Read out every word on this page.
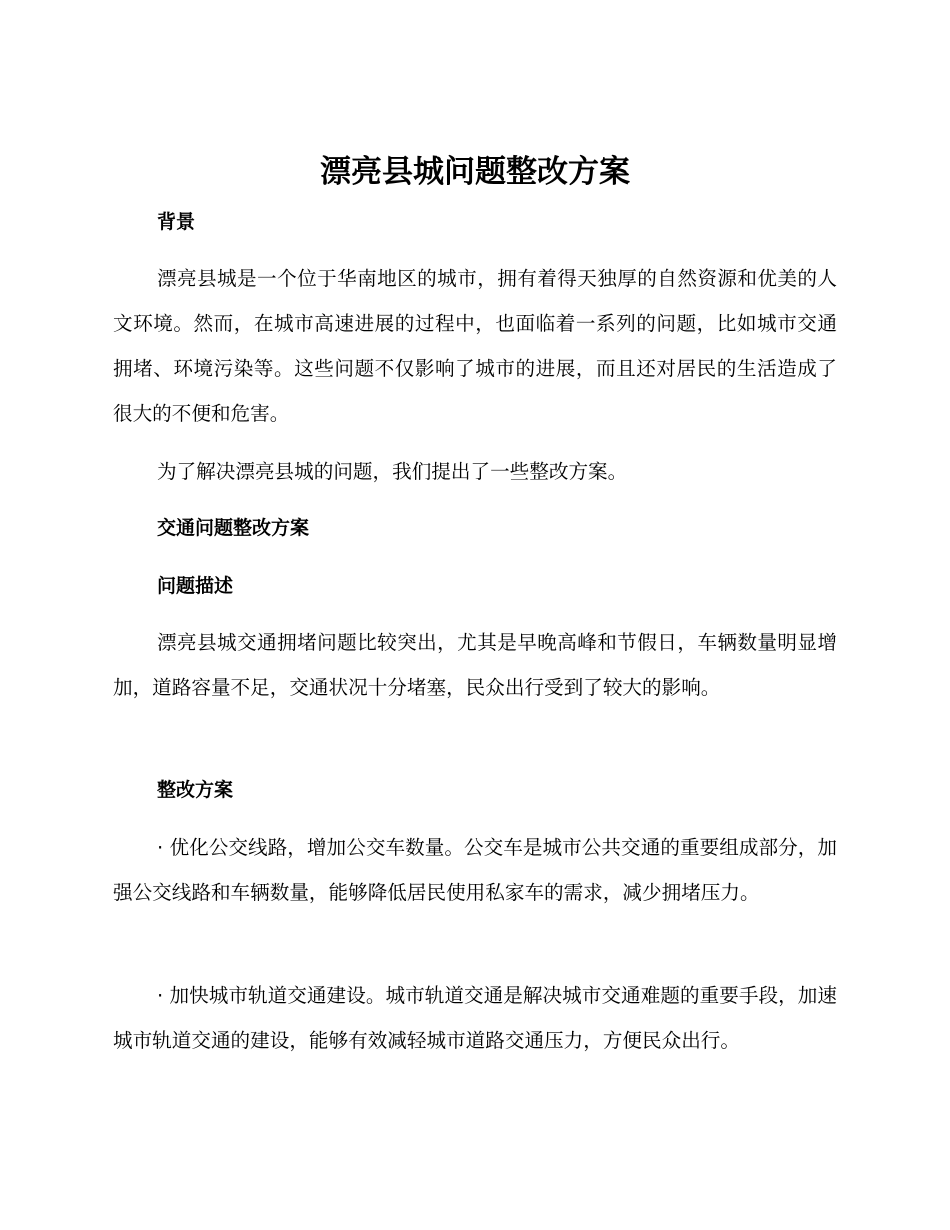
漂亮县城问题整改方案
背景

漂亮县城是一个位于华南地区的城市，拥有着得天独厚的自然资源和优美的人文环境。然而，在城市高速进展的过程中，也面临着一系列的问题，比如城市交通拥堵、环境污染等。这些问题不仅影响了城市的进展，而且还对居民的生活造成了很大的不便和危害。

为了解决漂亮县城的问题，我们提出了一些整改方案。

交通问题整改方案
问题描述

漂亮县城交通拥堵问题比较突出，尤其是早晚高峰和节假日，车辆数量明显增加，道路容量不足，交通状况十分堵塞，民众出行受到了较大的影响。

整改方案

· 优化公交线路，增加公交车数量。公交车是城市公共交通的重要组成部分，加强公交线路和车辆数量，能够降低居民使用私家车的需求，减少拥堵压力。

· 加快城市轨道交通建设。城市轨道交通是解决城市交通难题的重要手段，加速城市轨道交通的建设，能够有效减轻城市道路交通压力，方便民众出行。
